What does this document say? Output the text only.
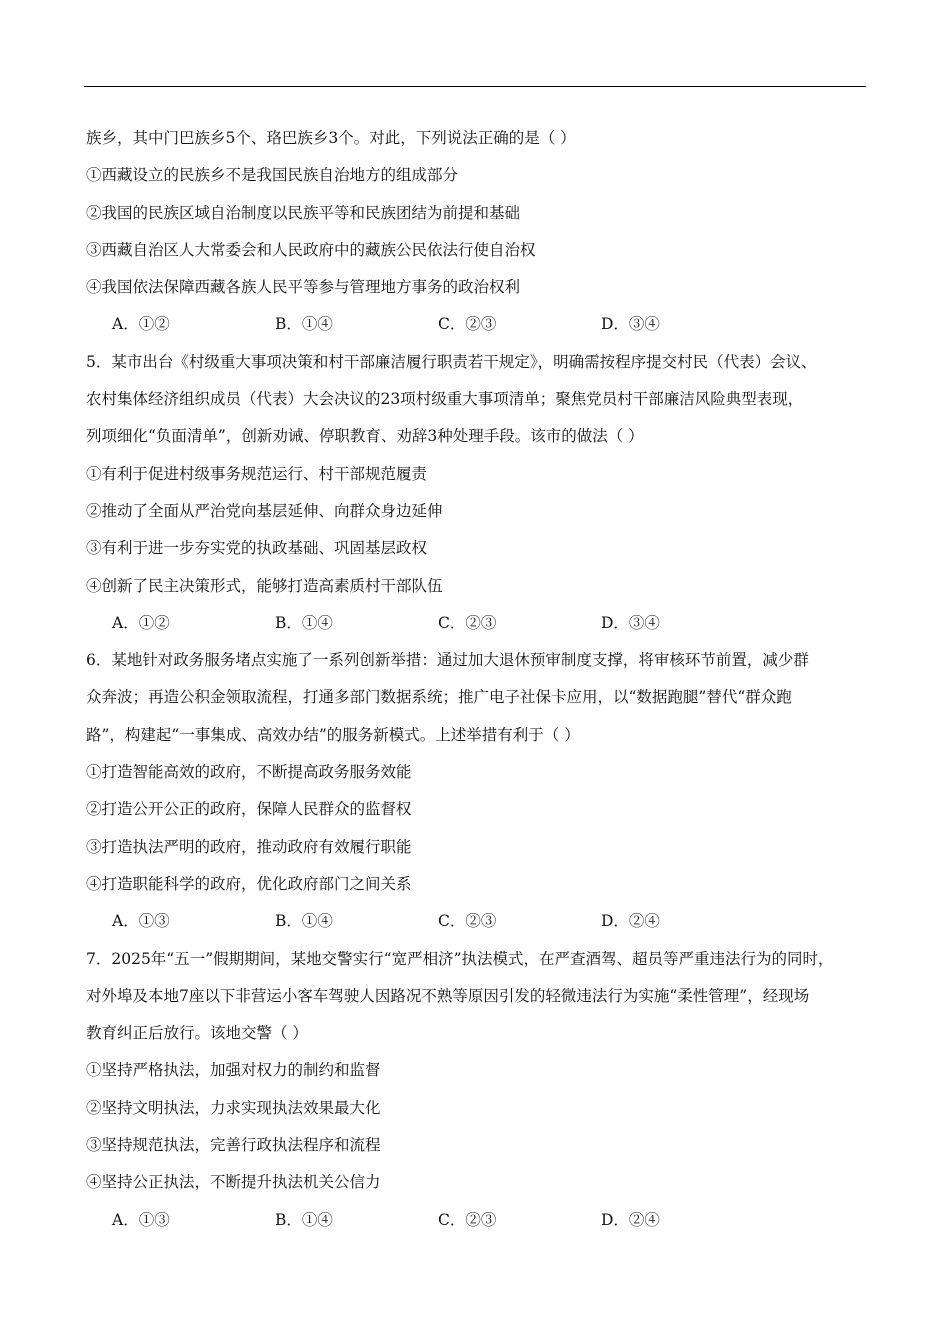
族乡，其中门巴族乡5个、珞巴族乡3个。对此，下列说法正确的是（ ）
①西藏设立的民族乡不是我国民族自治地方的组成部分
②我国的民族区域自治制度以民族平等和民族团结为前提和基础
③西藏自治区人大常委会和人民政府中的藏族公民依法行使自治权
④我国依法保障西藏各族人民平等参与管理地方事务的政治权利
A．①②	B．①④	C．②③	D．③④
5．某市出台《村级重大事项决策和村干部廉洁履行职责若干规定》，明确需按程序提交村民（代表）会议、
农村集体经济组织成员（代表）大会决议的23项村级重大事项清单；聚焦党员村干部廉洁风险典型表现，
列项细化“负面清单”，创新劝诫、停职教育、劝辞3种处理手段。该市的做法（ ）
①有利于促进村级事务规范运行、村干部规范履责
②推动了全面从严治党向基层延伸、向群众身边延伸
③有利于进一步夯实党的执政基础、巩固基层政权
④创新了民主决策形式，能够打造高素质村干部队伍
A．①②	B．①④	C．②③	D．③④
6．某地针对政务服务堵点实施了一系列创新举措：通过加大退休预审制度支撑，将审核环节前置，减少群
众奔波；再造公积金领取流程，打通多部门数据系统；推广电子社保卡应用，以“数据跑腿”替代“群众跑
路”，构建起“一事集成、高效办结”的服务新模式。上述举措有利于（ ）
①打造智能高效的政府，不断提高政务服务效能
②打造公开公正的政府，保障人民群众的监督权
③打造执法严明的政府，推动政府有效履行职能
④打造职能科学的政府，优化政府部门之间关系
A．①③	B．①④	C．②③	D．②④
7．2025年“五一”假期期间，某地交警实行“宽严相济”执法模式，在严查酒驾、超员等严重违法行为的同时，
对外埠及本地7座以下非营运小客车驾驶人因路况不熟等原因引发的轻微违法行为实施“柔性管理”，经现场
教育纠正后放行。该地交警（ ）
①坚持严格执法，加强对权力的制约和监督
②坚持文明执法，力求实现执法效果最大化
③坚持规范执法，完善行政执法程序和流程
④坚持公正执法，不断提升执法机关公信力
A．①③	B．①④	C．②③	D．②④
